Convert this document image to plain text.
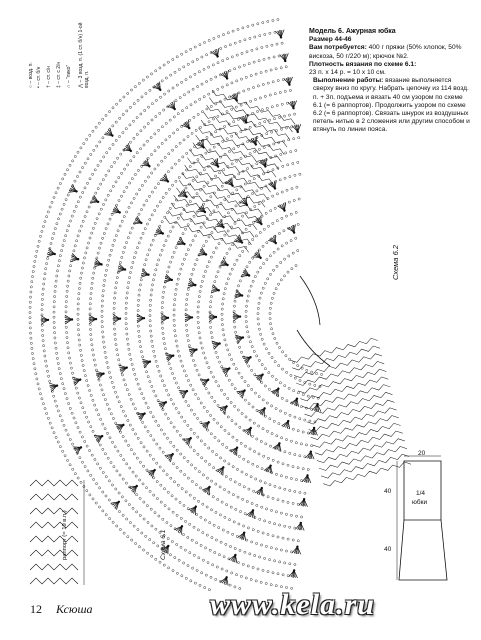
○ – возд. п.
• – ст. б/н
† – ст. с/н
‡ – ст. с 2/н
∩ – "пико"
⋀ – 3 возд. п. (1 ст. б/н) 1-ой возд. п.

Модель 6. Ажурная юбка

Размер 44-46

Вам потребуется: 400 г пряжи (50% хлопок, 50% вискоза, 50 г/220 м); крючок №2.

Плотность вязания по схеме 6.1:
23 п. х 14 р. = 10 х 10 см.

Выполнение работы: вязание выполняется сверху вниз по кругу. Набрать цепочку из 114 возд. п. + 3п. подъема и вязать 40 см узором по схеме 6.1 (= 6 раппортов). Продолжить узором по схеме 6.2 (= 6 раппортов). Связать шнурок из воздушных петель нитью в 2 сложения или другим способом и втянуть по линии пояса.

Схема 6.2
Схема 6.1
раппорт (= 19 в.п.)
20
40
40
1/4
юбки
12 Ксюша	www.kela.ru
